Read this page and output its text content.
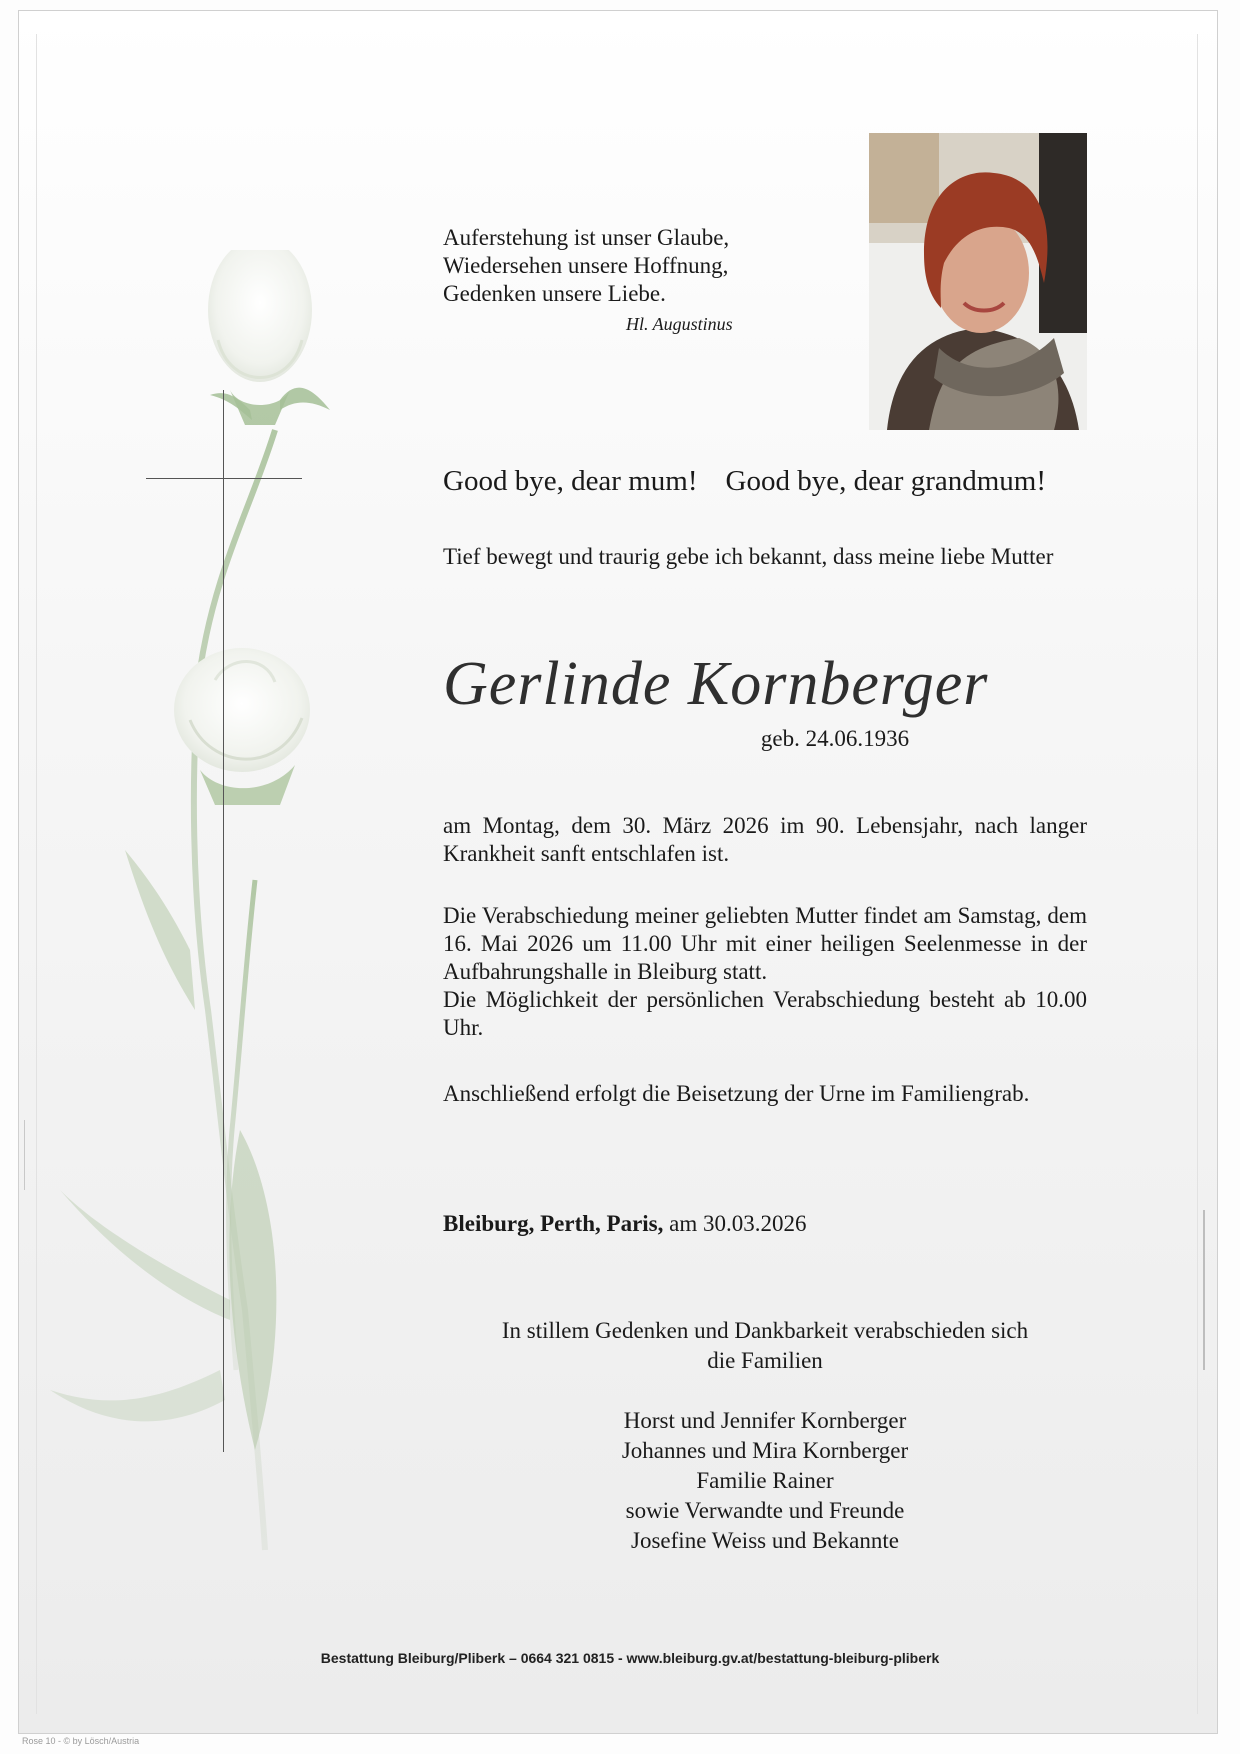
Auferstehung ist unser Glaube,
Wiedersehen unsere Hoffnung,
Gedenken unsere Liebe.
Hl. Augustinus
Good bye, dear mum! Good bye, dear grandmum!
Tief bewegt und traurig gebe ich bekannt, dass meine liebe Mutter
Gerlinde Kornberger
geb. 24.06.1936
am Montag, dem 30. März 2026 im 90. Lebensjahr, nach langer Krankheit sanft entschlafen ist.
Die Verabschiedung meiner geliebten Mutter findet am Samstag, dem 16. Mai 2026 um 11.00 Uhr mit einer heiligen Seelenmesse in der Aufbahrungshalle in Bleiburg statt.
Die Möglichkeit der persönlichen Verabschiedung besteht ab 10.00 Uhr.
Anschließend erfolgt die Beisetzung der Urne im Familiengrab.
Bleiburg, Perth, Paris, am 30.03.2026
In stillem Gedenken und Dankbarkeit verabschieden sich
die Familien
Horst und Jennifer Kornberger
Johannes und Mira Kornberger
Familie Rainer
sowie Verwandte und Freunde
Josefine Weiss und Bekannte
Bestattung Bleiburg/Pliberk – 0664 321 0815 - www.bleiburg.gv.at/bestattung-bleiburg-pliberk
Rose 10 - © by Lösch/Austria
